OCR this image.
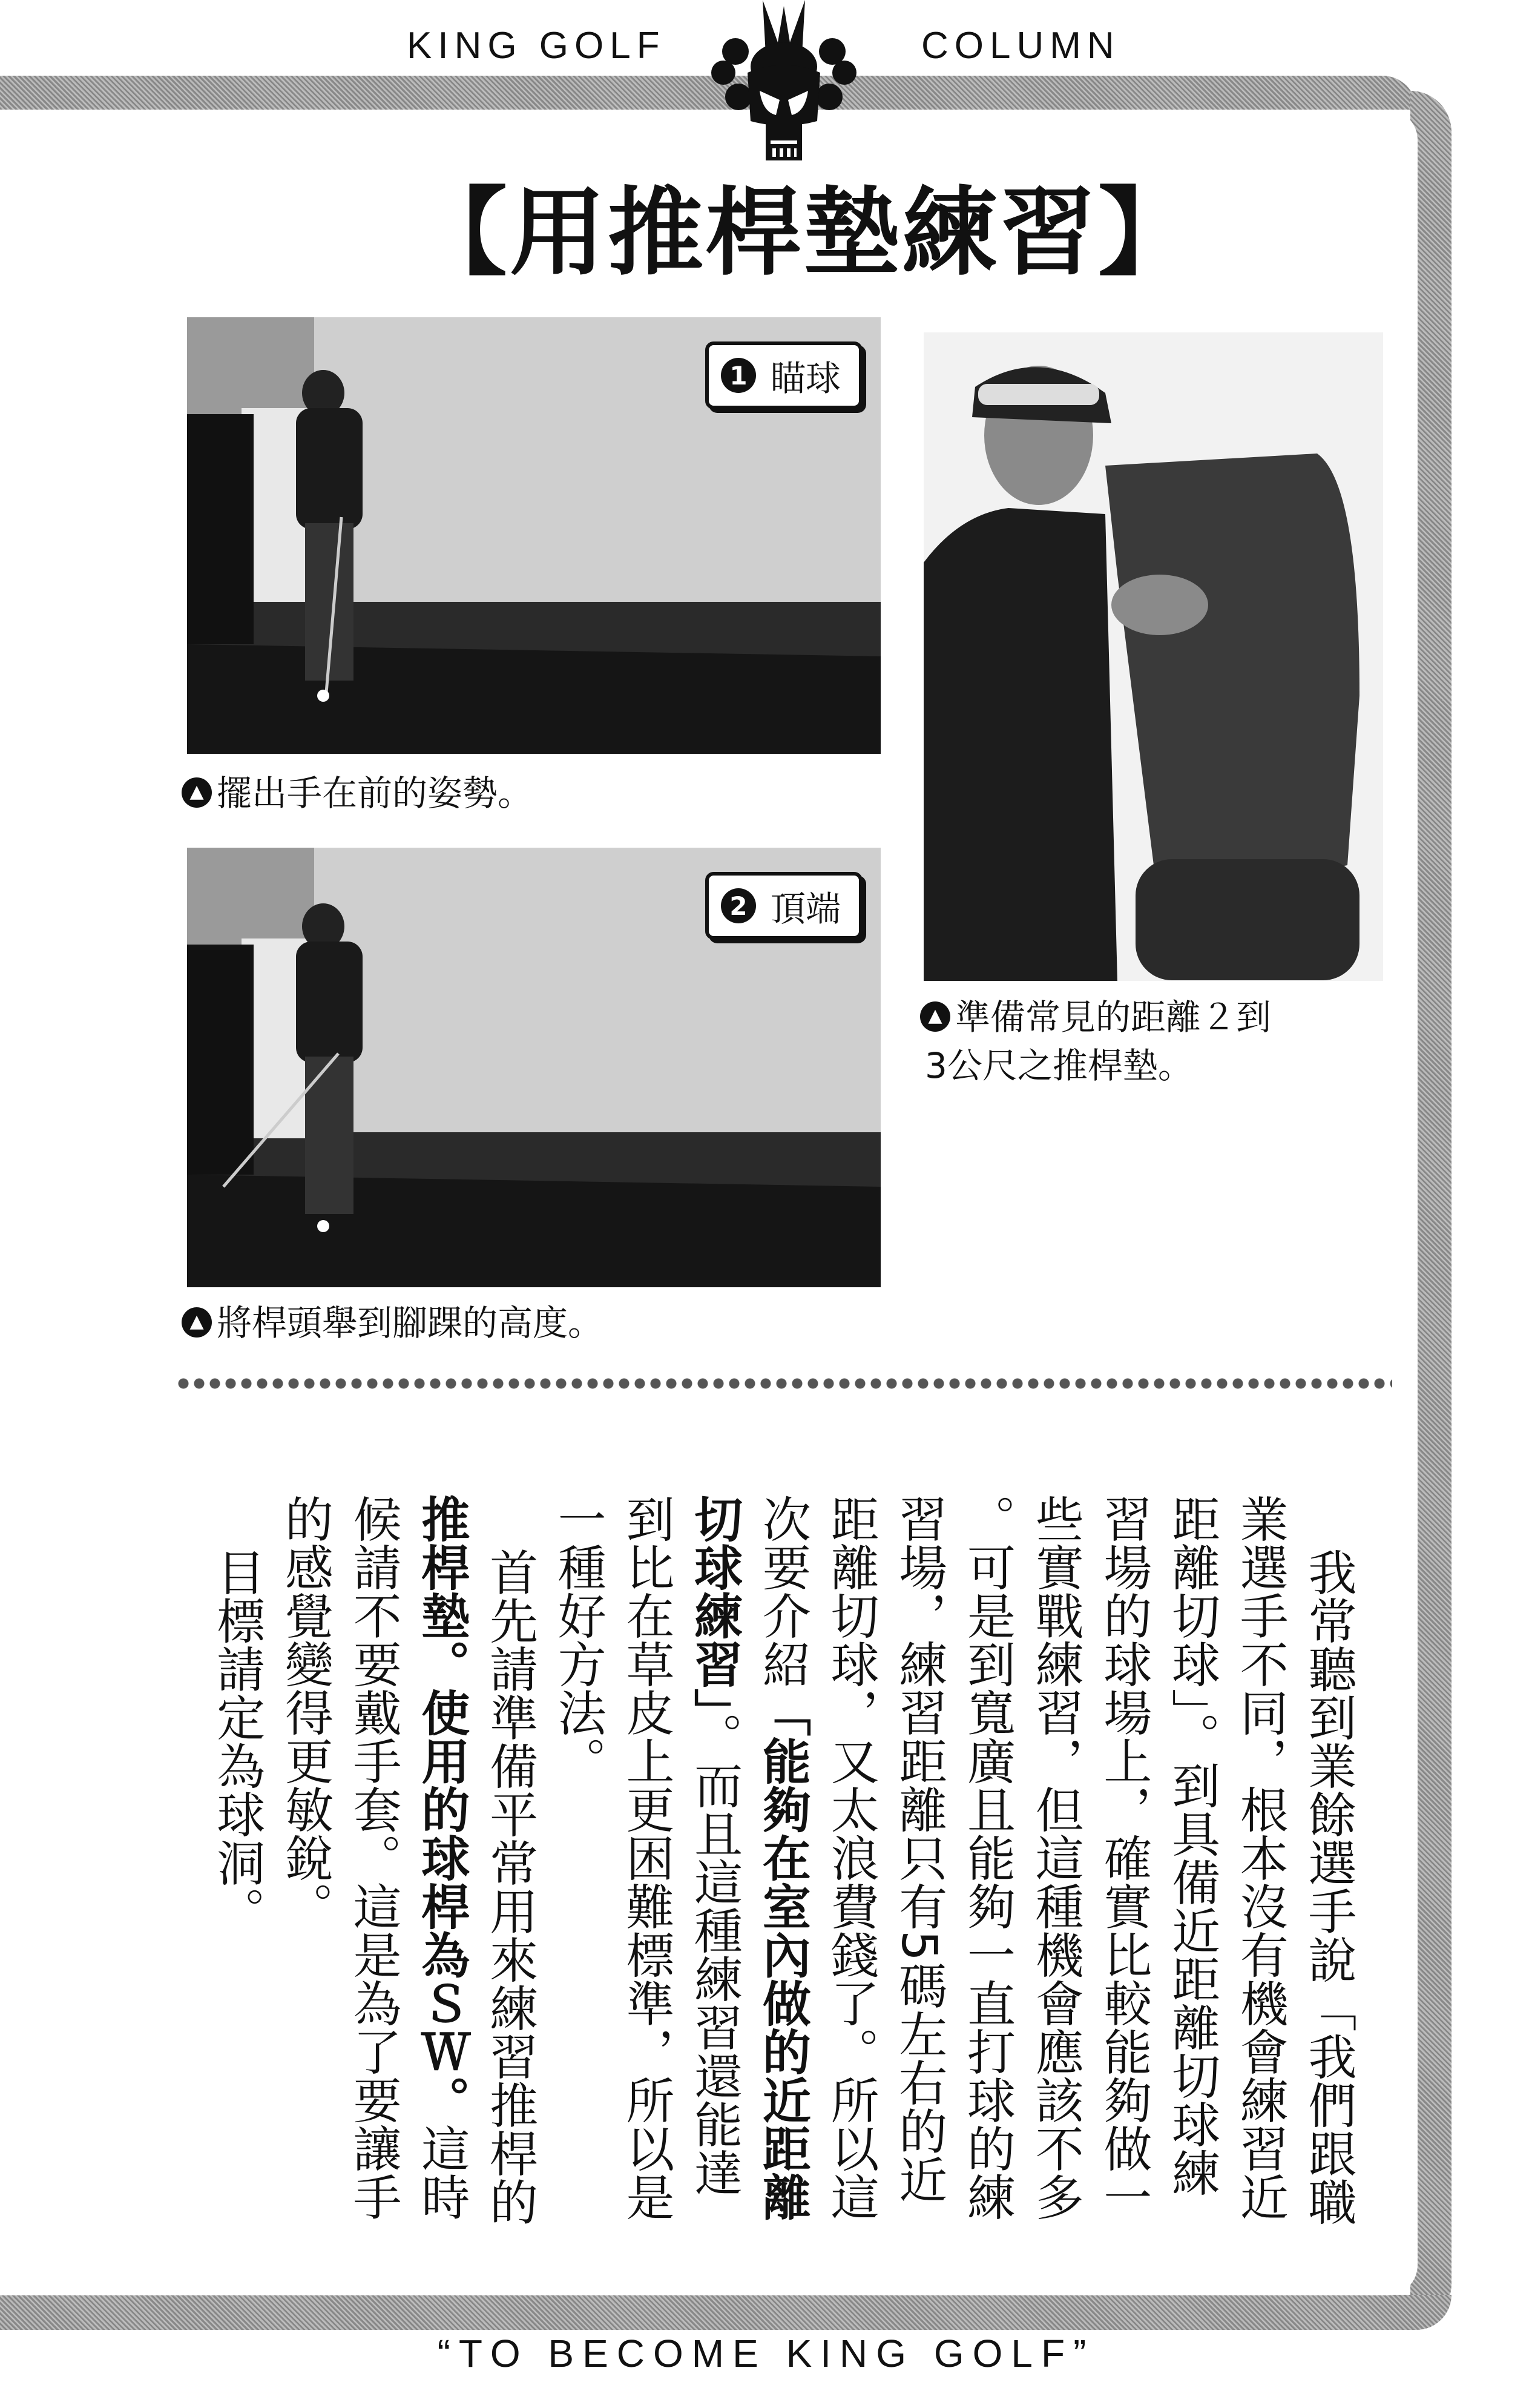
KING GOLF	COLUMN
【用推桿墊練習】
1 瞄球
▲ 擺出手在前的姿勢。
2 頂端
▲ 將桿頭舉到腳踝的高度。
▲ 準備常見的距離２到
3公尺之推桿墊。
我常聽到業餘選手說「我們跟職
業選手不同，根本沒有機會練習近
距離切球」。到具備近距離切球練
習場的球場上，確實比較能夠做一
些實戰練習，但這種機會應該不多
。可是到寬廣且能夠一直打球的練
習場，練習距離只有5碼左右的近
距離切球，又太浪費錢了。所以這
次要介紹「能夠在室內做的近距離
切球練習」。而且這種練習還能達
到比在草皮上更困難標準，所以是
一種好方法。
首先請準備平常用來練習推桿的
推桿墊。使用的球桿為ＳＷ。這時
候請不要戴手套。這是為了要讓手
的感覺變得更敏銳。
目標請定為球洞。
“TO BECOME KING GOLF”
